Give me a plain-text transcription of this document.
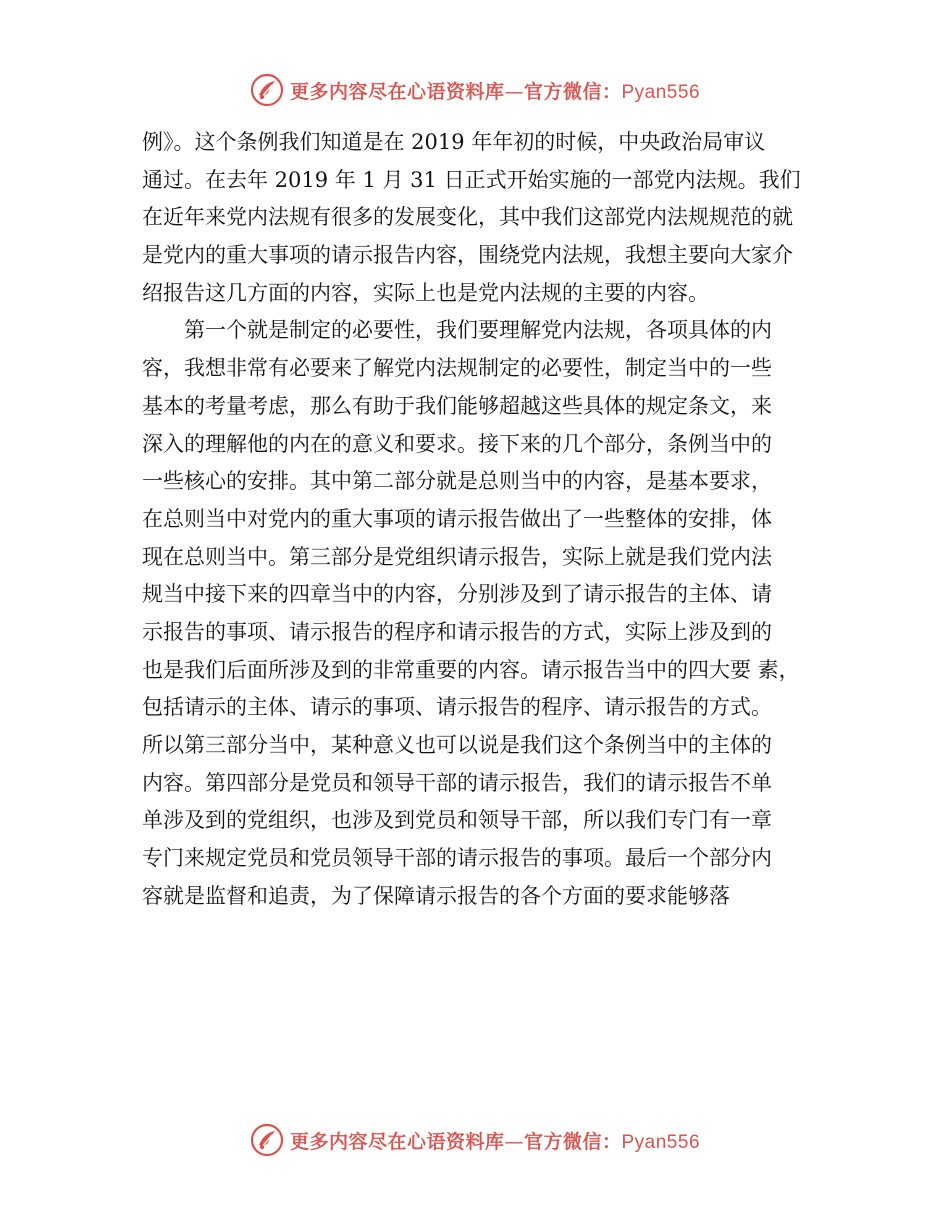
更多内容尽在心语资料库—官方微信：Pyan556
例》。这个条例我们知道是在 2019 年年初的时候，中央政治局审议
通过。在去年 2019 年 1 月 31 日正式开始实施的一部党内法规。我们
在近年来党内法规有很多的发展变化，其中我们这部党内法规规范的就
是党内的重大事项的请示报告内容，围绕党内法规，我想主要向大家介
绍报告这几方面的内容，实际上也是党内法规的主要的内容。
第一个就是制定的必要性，我们要理解党内法规，各项具体的内
容，我想非常有必要来了解党内法规制定的必要性，制定当中的一些
基本的考量考虑，那么有助于我们能够超越这些具体的规定条文，来
深入的理解他的内在的意义和要求。接下来的几个部分，条例当中的
一些核心的安排。其中第二部分就是总则当中的内容，是基本要求，
在总则当中对党内的重大事项的请示报告做出了一些整体的安排，体
现在总则当中。第三部分是党组织请示报告，实际上就是我们党内法
规当中接下来的四章当中的内容，分别涉及到了请示报告的主体、请
示报告的事项、请示报告的程序和请示报告的方式，实际上涉及到的
也是我们后面所涉及到的非常重要的内容。请示报告当中的四大要 素，
包括请示的主体、请示的事项、请示报告的程序、请示报告的方式。
所以第三部分当中，某种意义也可以说是我们这个条例当中的主体的
内容。第四部分是党员和领导干部的请示报告，我们的请示报告不单
单涉及到的党组织，也涉及到党员和领导干部，所以我们专门有一章
专门来规定党员和党员领导干部的请示报告的事项。最后一个部分内
容就是监督和追责，为了保障请示报告的各个方面的要求能够落
更多内容尽在心语资料库—官方微信：Pyan556
